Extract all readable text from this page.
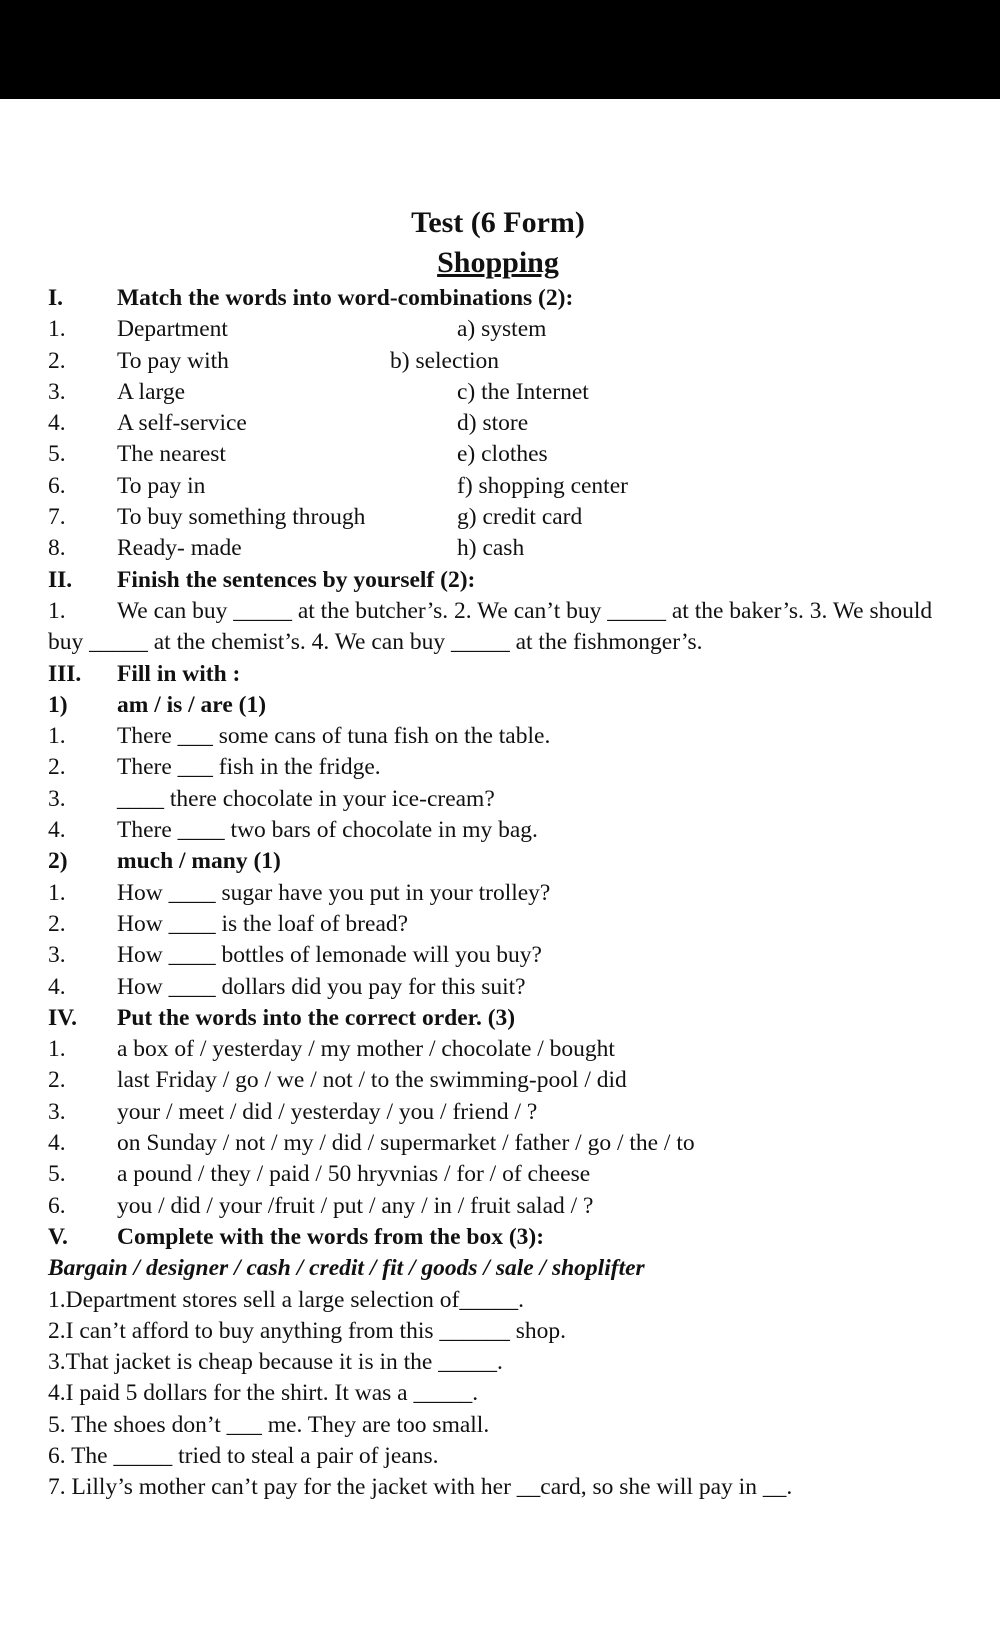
Test (6 Form)
Shopping
I.	Match the words into word-combinations (2):
1. Department	a) system
2. To pay with	b) selection
3. A large	c) the Internet
4. A self-service	d) store
5. The nearest	e) clothes
6. To pay in	f) shopping center
7. To buy something through	g) credit card
8. Ready- made	h) cash
II.	Finish the sentences by yourself (2):
1. We can buy _____ at the butcher’s. 2. We can’t buy _____ at the baker’s. 3. We should buy _____ at the chemist’s. 4. We can buy _____ at the fishmonger’s.
III.	Fill in with :
1)	am / is / are (1)
1.	There ___ some cans of tuna fish on the table.
2.	There ___ fish in the fridge.
3.	____ there chocolate in your ice-cream?
4.	There ____ two bars of chocolate in my bag.
2)	much / many (1)
1.	How ____ sugar have you put in your trolley?
2.	How ____ is the loaf of bread?
3.	How ____ bottles of lemonade will you buy?
4.	How ____ dollars did you pay for this suit?
IV.	Put the words into the correct order. (3)
1.	a box of / yesterday / my mother / chocolate / bought
2.	last Friday / go / we / not / to the swimming-pool / did
3.	your / meet / did / yesterday / you / friend / ?
4.	on Sunday / not / my / did / supermarket / father / go / the / to
5.	a pound / they / paid / 50 hryvnias / for / of cheese
6.	you / did / your /fruit / put / any / in / fruit salad / ?
V.	Complete with the words from the box (3):
Bargain / designer / cash / credit / fit / goods / sale / shoplifter
1.Department stores sell a large selection of_____.
2.I can’t afford to buy anything from this ______ shop.
3.That jacket is cheap because it is in the _____.
4.I paid 5 dollars for the shirt. It was a _____.
5. The shoes don’t ___ me. They are too small.
6. The _____ tried to steal a pair of jeans.
7. Lilly’s mother can’t pay for the jacket with her __card, so she will pay in __.
